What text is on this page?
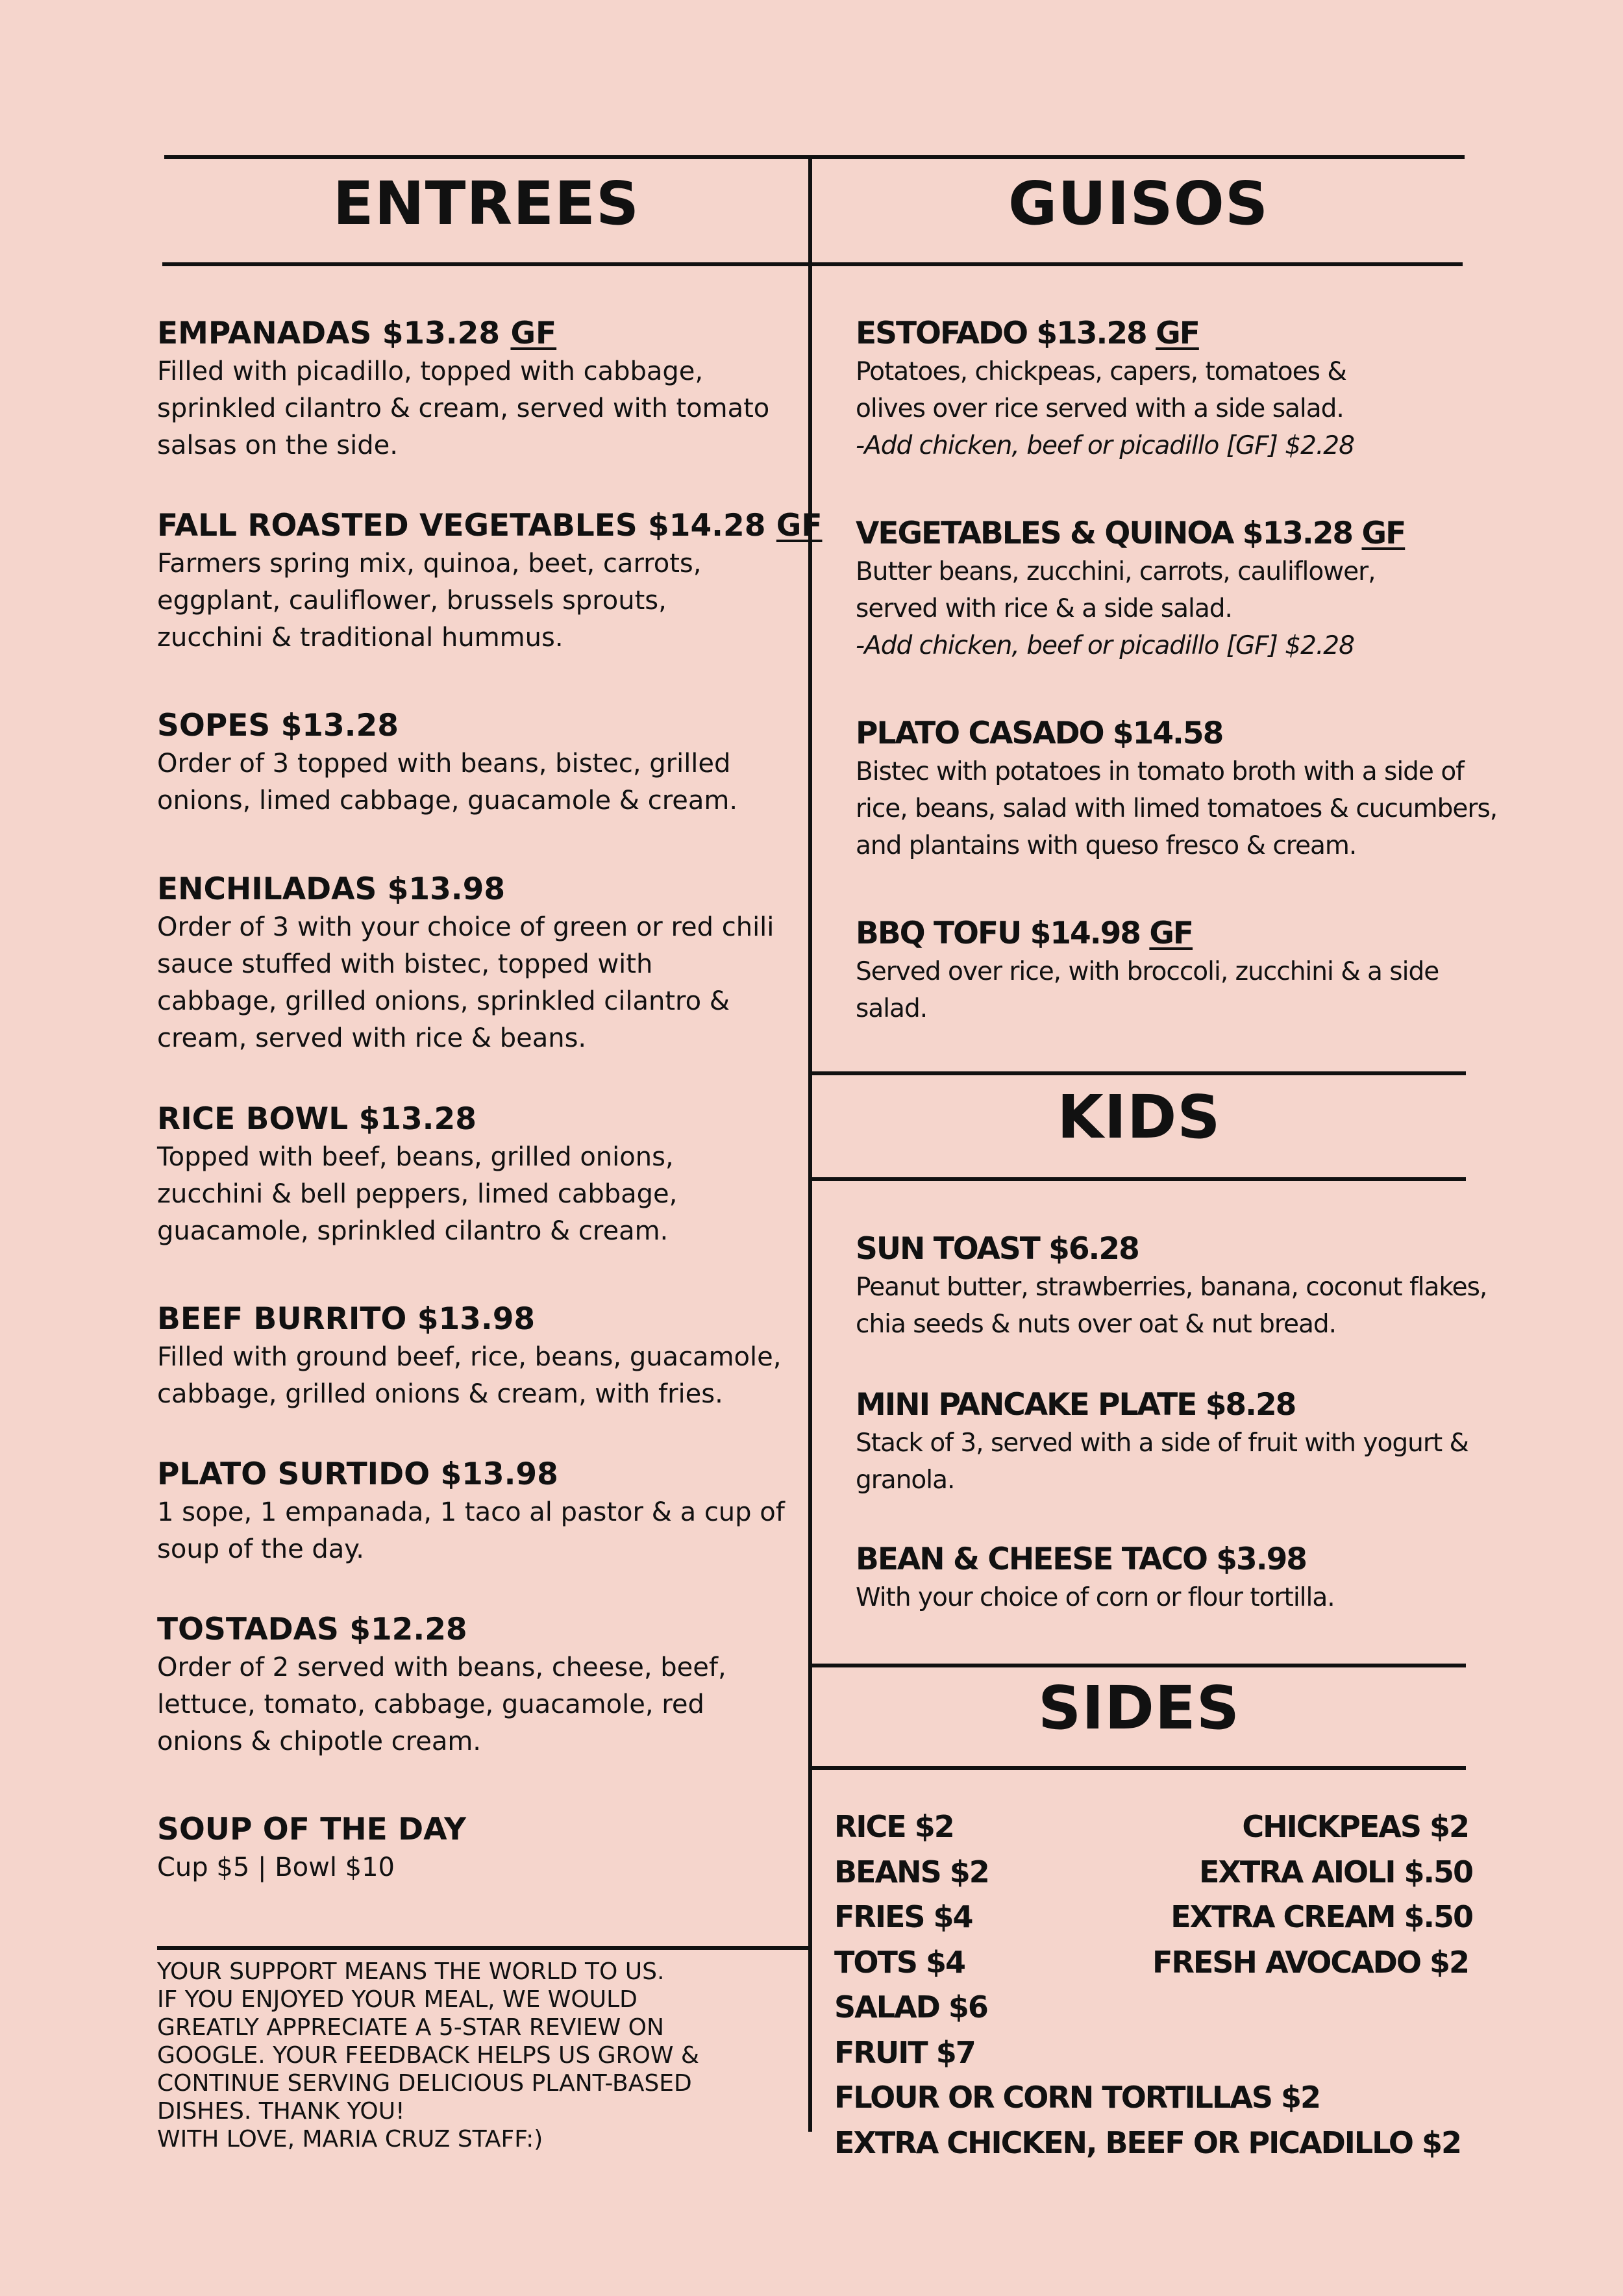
ENTREES	GUISOS
KIDS
SIDES
EMPANADAS $13.28 GF
Filled with picadillo, topped with cabbage,
sprinkled cilantro & cream, served with tomato
salsas on the side.
FALL ROASTED VEGETABLES $14.28 GF
Farmers spring mix, quinoa, beet, carrots,
eggplant, cauliflower, brussels sprouts,
zucchini & traditional hummus.
SOPES $13.28
Order of 3 topped with beans, bistec, grilled
onions, limed cabbage, guacamole & cream.
ENCHILADAS $13.98
Order of 3 with your choice of green or red chili
sauce stuffed with bistec, topped with
cabbage, grilled onions, sprinkled cilantro &
cream, served with rice & beans.
RICE BOWL $13.28
Topped with beef, beans, grilled onions,
zucchini & bell peppers, limed cabbage,
guacamole, sprinkled cilantro & cream.
BEEF BURRITO $13.98
Filled with ground beef, rice, beans, guacamole,
cabbage, grilled onions & cream, with fries.
PLATO SURTIDO $13.98
1 sope, 1 empanada, 1 taco al pastor & a cup of
soup of the day.
TOSTADAS $12.28
Order of 2 served with beans, cheese, beef,
lettuce, tomato, cabbage, guacamole, red
onions & chipotle cream.
SOUP OF THE DAY
Cup $5 | Bowl $10
YOUR SUPPORT MEANS THE WORLD TO US.
IF YOU ENJOYED YOUR MEAL, WE WOULD
GREATLY APPRECIATE A 5-STAR REVIEW ON
GOOGLE. YOUR FEEDBACK HELPS US GROW &
CONTINUE SERVING DELICIOUS PLANT-BASED
DISHES. THANK YOU!
WITH LOVE, MARIA CRUZ STAFF:)
ESTOFADO $13.28 GF
Potatoes, chickpeas, capers, tomatoes &
olives over rice served with a side salad.
-Add chicken, beef or picadillo [GF] $2.28
VEGETABLES & QUINOA $13.28 GF
Butter beans, zucchini, carrots, cauliflower,
served with rice & a side salad.
-Add chicken, beef or picadillo [GF] $2.28
PLATO CASADO $14.58
Bistec with potatoes in tomato broth with a side of
rice, beans, salad with limed tomatoes & cucumbers,
and plantains with queso fresco & cream.
BBQ TOFU $14.98 GF
Served over rice, with broccoli, zucchini & a side
salad.
SUN TOAST $6.28
Peanut butter, strawberries, banana, coconut flakes,
chia seeds & nuts over oat & nut bread.
MINI PANCAKE PLATE $8.28
Stack of 3, served with a side of fruit with yogurt &
granola.
BEAN & CHEESE TACO $3.98
With your choice of corn or flour tortilla.
RICE $2
BEANS $2
FRIES $4
TOTS $4
SALAD $6
FRUIT $7
FLOUR OR CORN TORTILLAS $2
EXTRA CHICKEN, BEEF OR PICADILLO $2
CHICKPEAS $2
EXTRA AIOLI $.50
EXTRA CREAM $.50
FRESH AVOCADO $2
